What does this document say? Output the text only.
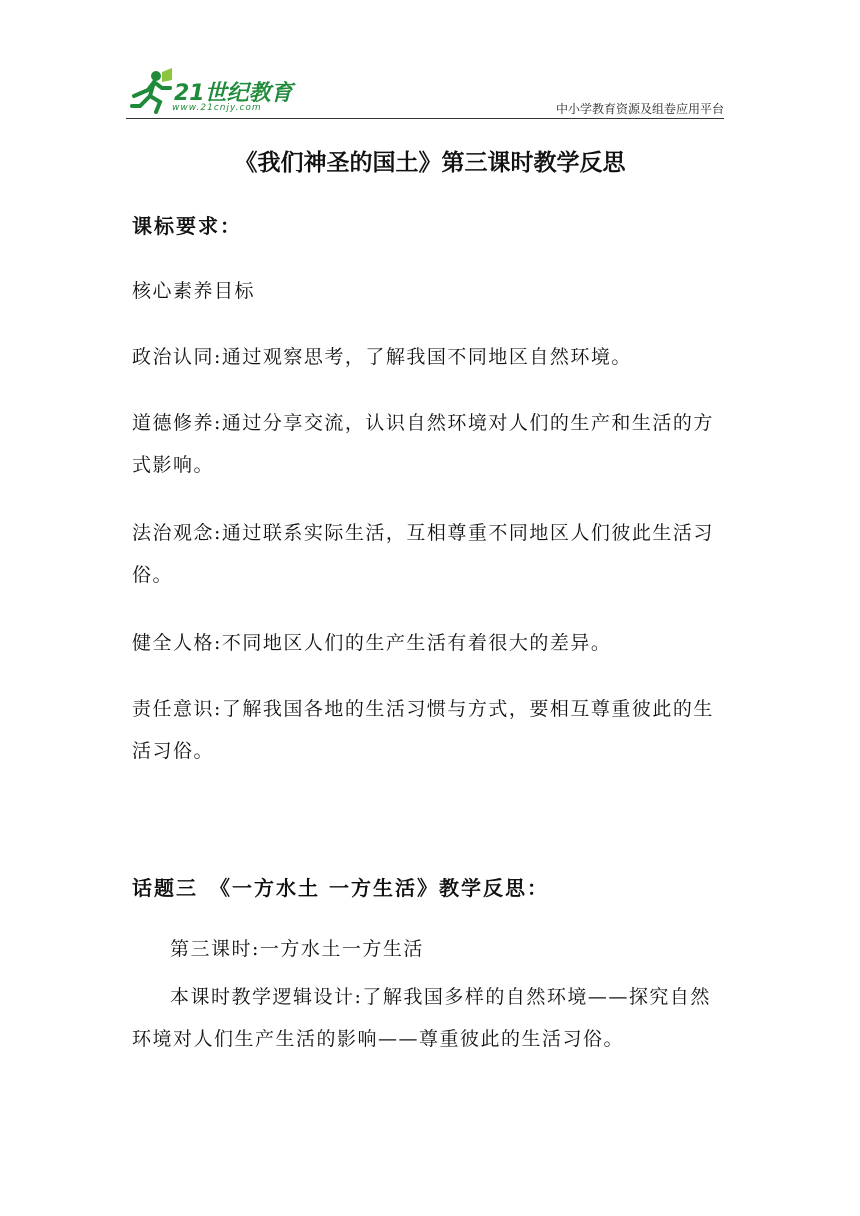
21世纪教育
www.21cnjy.com	中小学教育资源及组卷应用平台
《我们神圣的国土》第三课时教学反思
课标要求：
核心素养目标
政治认同:通过观察思考，了解我国不同地区自然环境。
道德修养:通过分享交流，认识自然环境对人们的生产和生活的方式影响。
法治观念:通过联系实际生活，互相尊重不同地区人们彼此生活习俗。
健全人格:不同地区人们的生产生活有着很大的差异。
责任意识:了解我国各地的生活习惯与方式，要相互尊重彼此的生活习俗。
话题三　《一方水土 一方生活》教学反思：
第三课时:一方水土一方生活
本课时教学逻辑设计:了解我国多样的自然环境——探究自然环境对人们生产生活的影响——尊重彼此的生活习俗。
